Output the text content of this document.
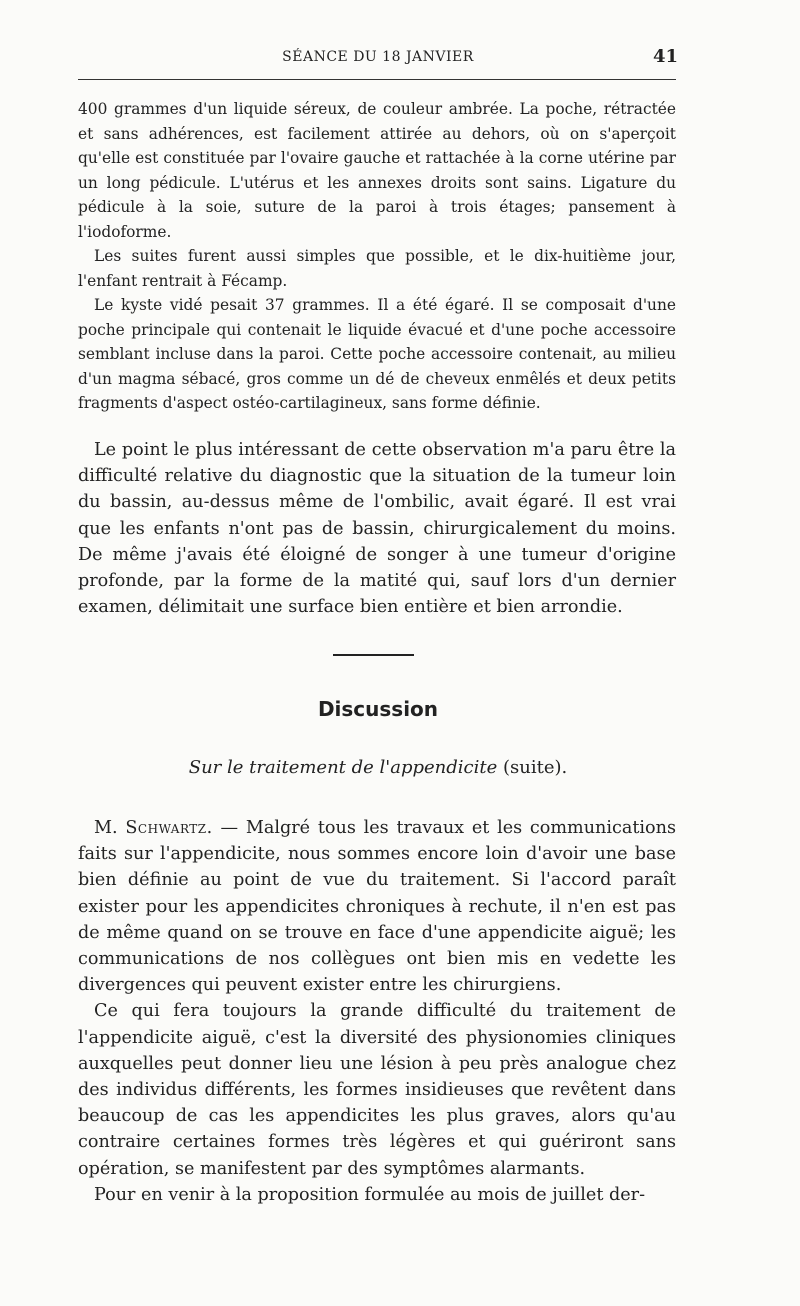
SÉANCE DU 18 JANVIER	41

400 grammes d'un liquide séreux, de couleur ambrée. La poche, rétractée et sans adhérences, est facilement attirée au dehors, où on s'aperçoit qu'elle est constituée par l'ovaire gauche et rattachée à la corne utérine par un long pédicule. L'utérus et les annexes droits sont sains. Ligature du pédicule à la soie, suture de la paroi à trois étages; pansement à l'iodoforme.

Les suites furent aussi simples que possible, et le dix-huitième jour, l'enfant rentrait à Fécamp.

Le kyste vidé pesait 37 grammes. Il a été égaré. Il se composait d'une poche principale qui contenait le liquide évacué et d'une poche accessoire semblant incluse dans la paroi. Cette poche accessoire contenait, au milieu d'un magma sébacé, gros comme un dé de cheveux enmêlés et deux petits fragments d'aspect ostéo-cartilagineux, sans forme définie.

Le point le plus intéressant de cette observation m'a paru être la difficulté relative du diagnostic que la situation de la tumeur loin du bassin, au-dessus même de l'ombilic, avait égaré. Il est vrai que les enfants n'ont pas de bassin, chirurgicalement du moins. De même j'avais été éloigné de songer à une tumeur d'origine profonde, par la forme de la matité qui, sauf lors d'un dernier examen, délimitait une surface bien entière et bien arrondie.

Discussion
Sur le traitement de l'appendicite (suite).

M. Schwartz. — Malgré tous les travaux et les communications faits sur l'appendicite, nous sommes encore loin d'avoir une base bien définie au point de vue du traitement. Si l'accord paraît exister pour les appendicites chroniques à rechute, il n'en est pas de même quand on se trouve en face d'une appendicite aiguë; les communications de nos collègues ont bien mis en vedette les divergences qui peuvent exister entre les chirurgiens.

Ce qui fera toujours la grande difficulté du traitement de l'appendicite aiguë, c'est la diversité des physionomies cliniques auxquelles peut donner lieu une lésion à peu près analogue chez des individus différents, les formes insidieuses que revêtent dans beaucoup de cas les appendicites les plus graves, alors qu'au contraire certaines formes très légères et qui guériront sans opération, se manifestent par des symptômes alarmants.

Pour en venir à la proposition formulée au mois de juillet der-
